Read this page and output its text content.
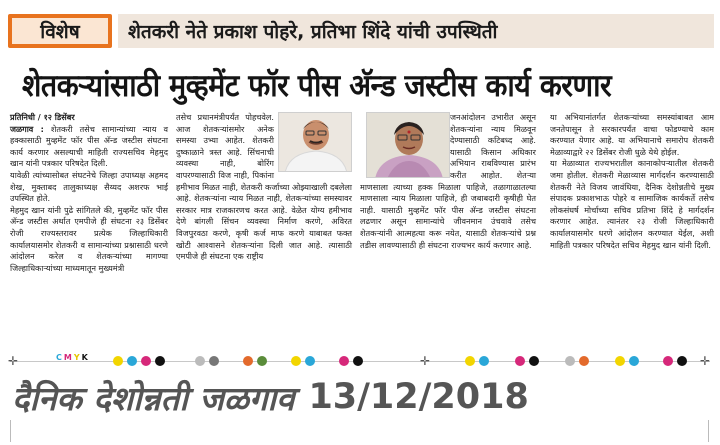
विशेष	शेतकरी नेते प्रकाश पोहरे, प्रतिभा शिंदे यांची उपस्थिती
शेतकऱ्यांसाठी मुव्हमेंट फॉर पीस अ‍ॅन्ड जस्टीस कार्य करणार

प्रतिनिधी / १२ डिसेंबर

जळगाव : शेतकरी तसेच सामान्यांच्या न्याय व हक्कासाठी मुव्हमेंट फॉर पीस अ‍ॅन्ड जस्टीस संघटना कार्य करणार असल्याची माहिती राज्यसचिव मेहमुद खान यांनी पत्रकार परिषदेत दिली.

यावेळी त्यांच्यासोबत संघटनेचे जिल्हा उपाध्यक्ष अहमद शेख, मुक्ताबद तालुकाध्यक्ष सैय्यद अशरफ भाई उपस्थित होते.

मेहमुद खान यांनी पुढे सांगितले की, मुव्हमेंट फॉर पीस अ‍ॅन्ड जस्टीस अर्थात एमपीजे ही संघटना २३ डिसेंबर रोजी राज्यस्तरावर प्रत्येक जिल्हाधिकारी कार्यालयासमोर शेतकरी व सामान्यांच्या प्रश्नासाठी धरणे आंदोलन करेल व शेतकऱ्यांच्या मागण्या जिल्हाधिकाऱ्यांच्या माध्यमातून मुख्यमंत्री

तसेच प्रधानमंत्रीपर्यंत पोहचवेल. आज शेतकऱ्यांसमोर अनेक समस्या उभ्या आहेत. शेतकरी दुष्काळाने त्रस्त आहे. सिंचनाची व्यवस्था नाही, बोरिंग वापरण्यासाठी विज नाही, पिकांना हमीभाव मिळत नाही, शेतकरी कर्जाच्या ओझ्याखाली दबलेला आहे. शेतकऱ्यांना न्याय मिळत नाही, शेतकऱ्यांच्या समस्यावर सरकार मात्र राजकारणच करत आहे. वेळेत योग्य हमीभाव देणे बांगली सिंचन व्यवस्था निर्माण करणे, अविरत विजपुरवठा करणे, कृषी कर्ज माफ करणे याबाबत फक्त खोटी आश्वासने शेतकऱ्यांना दिली जात आहे. त्यासाठी एमपीजे ही संघटना एक राष्ट्रीय

जनआंदोलन उभारीत असून शेतकऱ्यांना न्याय मिळवून देण्यासाठी कटिबध्द आहे. यासाठी किसान अधिकार अभियान राबविण्यास प्रारंभ करीत आहोत. शेतऱ्या माणसाला त्याच्या हक्क मिळाला पाहिजे, तळागाळातल्या माणसाला न्याय मिळाला पाहिजे, ही जबाबदारी कृषीही घेत नाही. यासाठी मुव्हमेंट फॉर पीस अ‍ॅन्ड जस्टीस संघटना लढणार असून सामान्यांचे जीवनमान उंचवावे तसेच शेतकऱ्यांनी आत्महत्या करू नयेत, यासाठी शेतकऱ्यांचे प्रश्न तडीस लावण्यासाठी ही संघटना राज्यभर कार्य करणार आहे.

या अभियानांतर्गत शेतकऱ्यांच्या समस्यांबाबत आम जनतेपासून ते सरकारपर्यंत वाचा फोडण्याचे काम करण्यात येणार आहे. या अभियानाचे समारोप शेतकरी मेळाव्याद्वारे २२ डिसेंबर रोजी धुळे येथे होईल.

या मेळाव्यात राज्यभरातील कानाकोपऱ्यातील शेतकरी जमा होतील. शेतकरी मेळाव्यास मार्गदर्शन करण्यासाठी शेतकरी नेते विजय जावंधिया, दैनिक देशोन्नतीचे मुख्य संपादक प्रकाशभाऊ पोहरे व सामाजिक कार्यकर्ते तसेच लोकसंघर्ष मोर्चाच्या सचिव प्रतिभा शिंदे हे मार्गदर्शन करणार आहेत. त्यानंतर २३ रोजी जिल्हाधिकारी कार्यालयासमोर धरणे आंदोलन करण्यात येईल, अशी माहिती पत्रकार परिषदेत सचिव मेहमुद खान यांनी दिली.

✛	✛	✛
CMYK
दैनिक देशोन्नती जळगाव 13/12/2018
